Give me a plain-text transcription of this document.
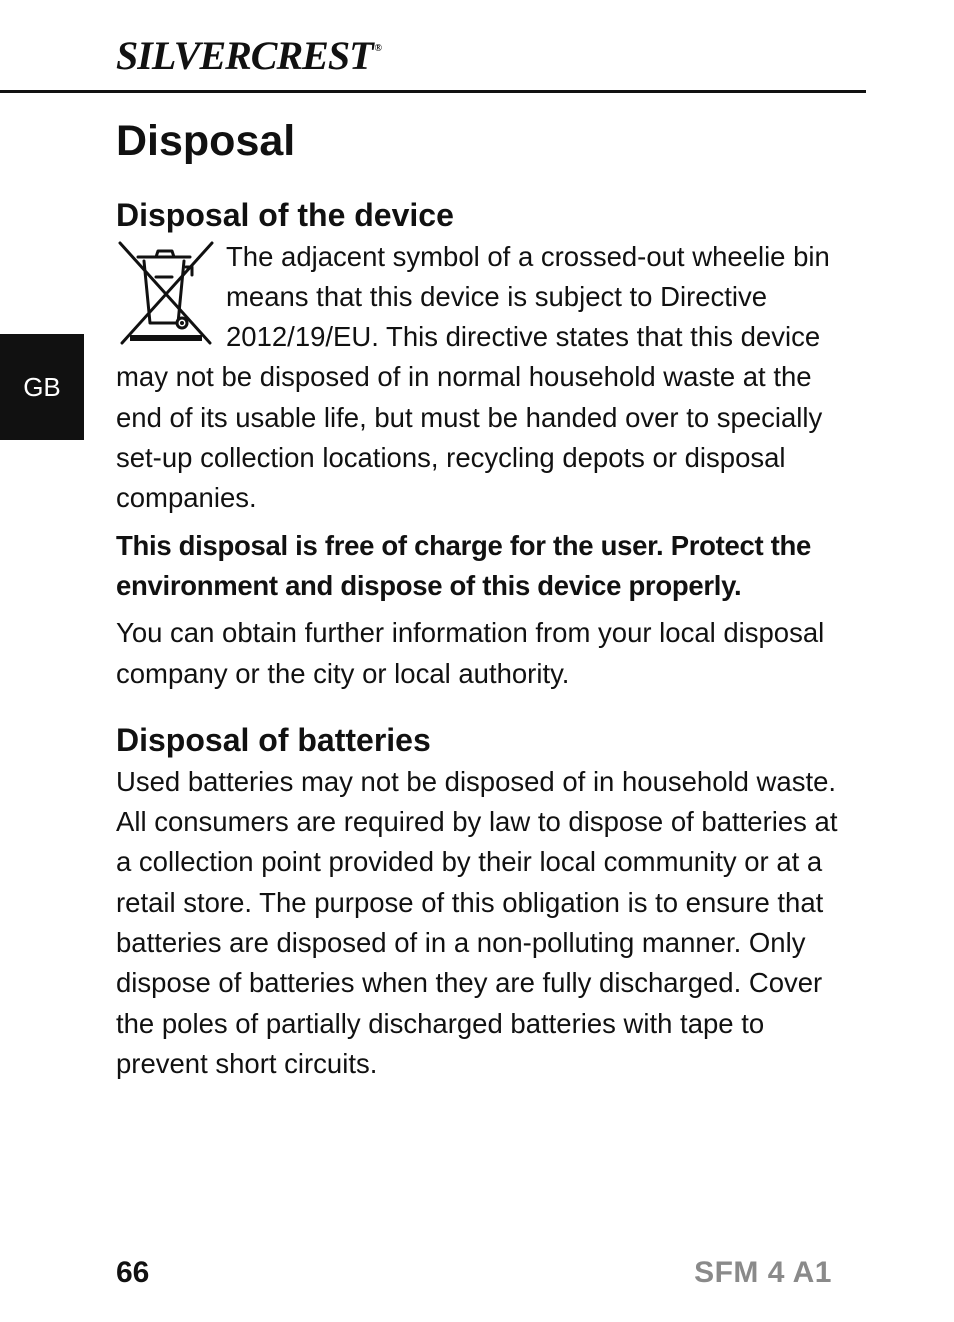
SILVERCREST ®
GB
Disposal
Disposal of the device

The adjacent symbol of a crossed-out wheelie bin means that this device is subject to Directive 2012/19/EU. This directive states that this device may not be disposed of in normal household waste at the end of its usable life, but must be handed over to specially set-up collection locations, recycling depots or disposal companies.

This disposal is free of charge for the user. Protect the environment and dispose of this device properly.

You can obtain further information from your local disposal company or the city or local authority.

Disposal of batteries

Used batteries may not be disposed of in household waste. All consumers are required by law to dispose of batteries at a collection point provided by their local community or at a retail store. The purpose of this obligation is to ensure that batteries are disposed of in a non-polluting manner. Only dispose of batteries when they are fully discharged. Cover the poles of partially discharged batteries with tape to prevent short circuits.

66	SFM 4 A1
